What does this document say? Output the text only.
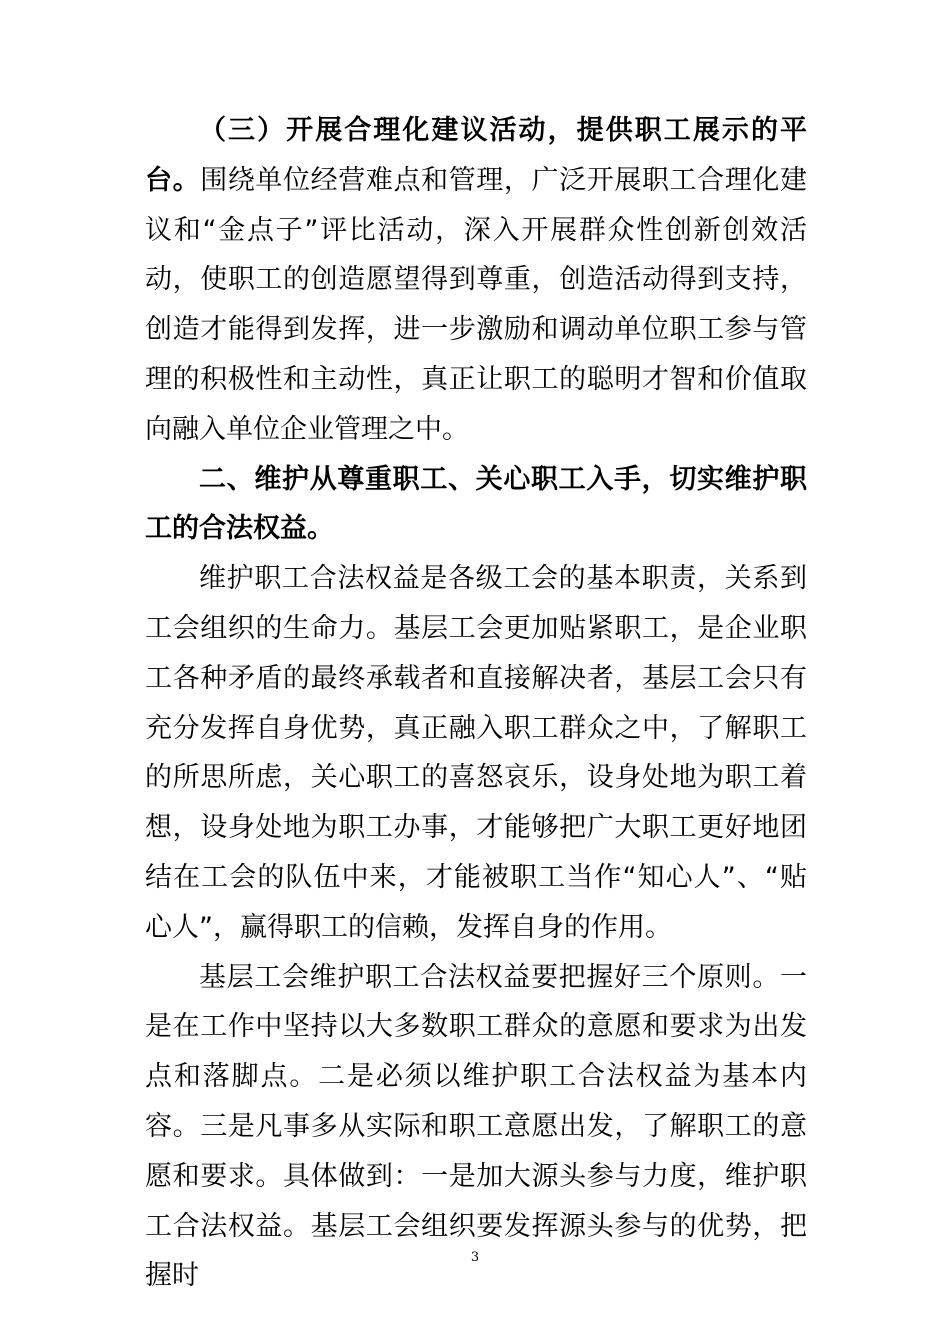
（三）开展合理化建议活动，提供职工展示的平台。围绕单位经营难点和管理，广泛开展职工合理化建议和“金点子”评比活动，深入开展群众性创新创效活动，使职工的创造愿望得到尊重，创造活动得到支持，创造才能得到发挥，进一步激励和调动单位职工参与管理的积极性和主动性，真正让职工的聪明才智和价值取向融入单位企业管理之中。

二、维护从尊重职工、关心职工入手，切实维护职工的合法权益。

维护职工合法权益是各级工会的基本职责，关系到工会组织的生命力。基层工会更加贴紧职工，是企业职工各种矛盾的最终承载者和直接解决者，基层工会只有充分发挥自身优势，真正融入职工群众之中，了解职工的所思所虑，关心职工的喜怒哀乐，设身处地为职工着想，设身处地为职工办事，才能够把广大职工更好地团结在工会的队伍中来，才能被职工当作“知心人”、“贴心人”，赢得职工的信赖，发挥自身的作用。

基层工会维护职工合法权益要把握好三个原则。一是在工作中坚持以大多数职工群众的意愿和要求为出发点和落脚点。二是必须以维护职工合法权益为基本内容。三是凡事多从实际和职工意愿出发，了解职工的意愿和要求。具体做到：一是加大源头参与力度，维护职工合法权益。基层工会组织要发挥源头参与的优势，把握时

3
